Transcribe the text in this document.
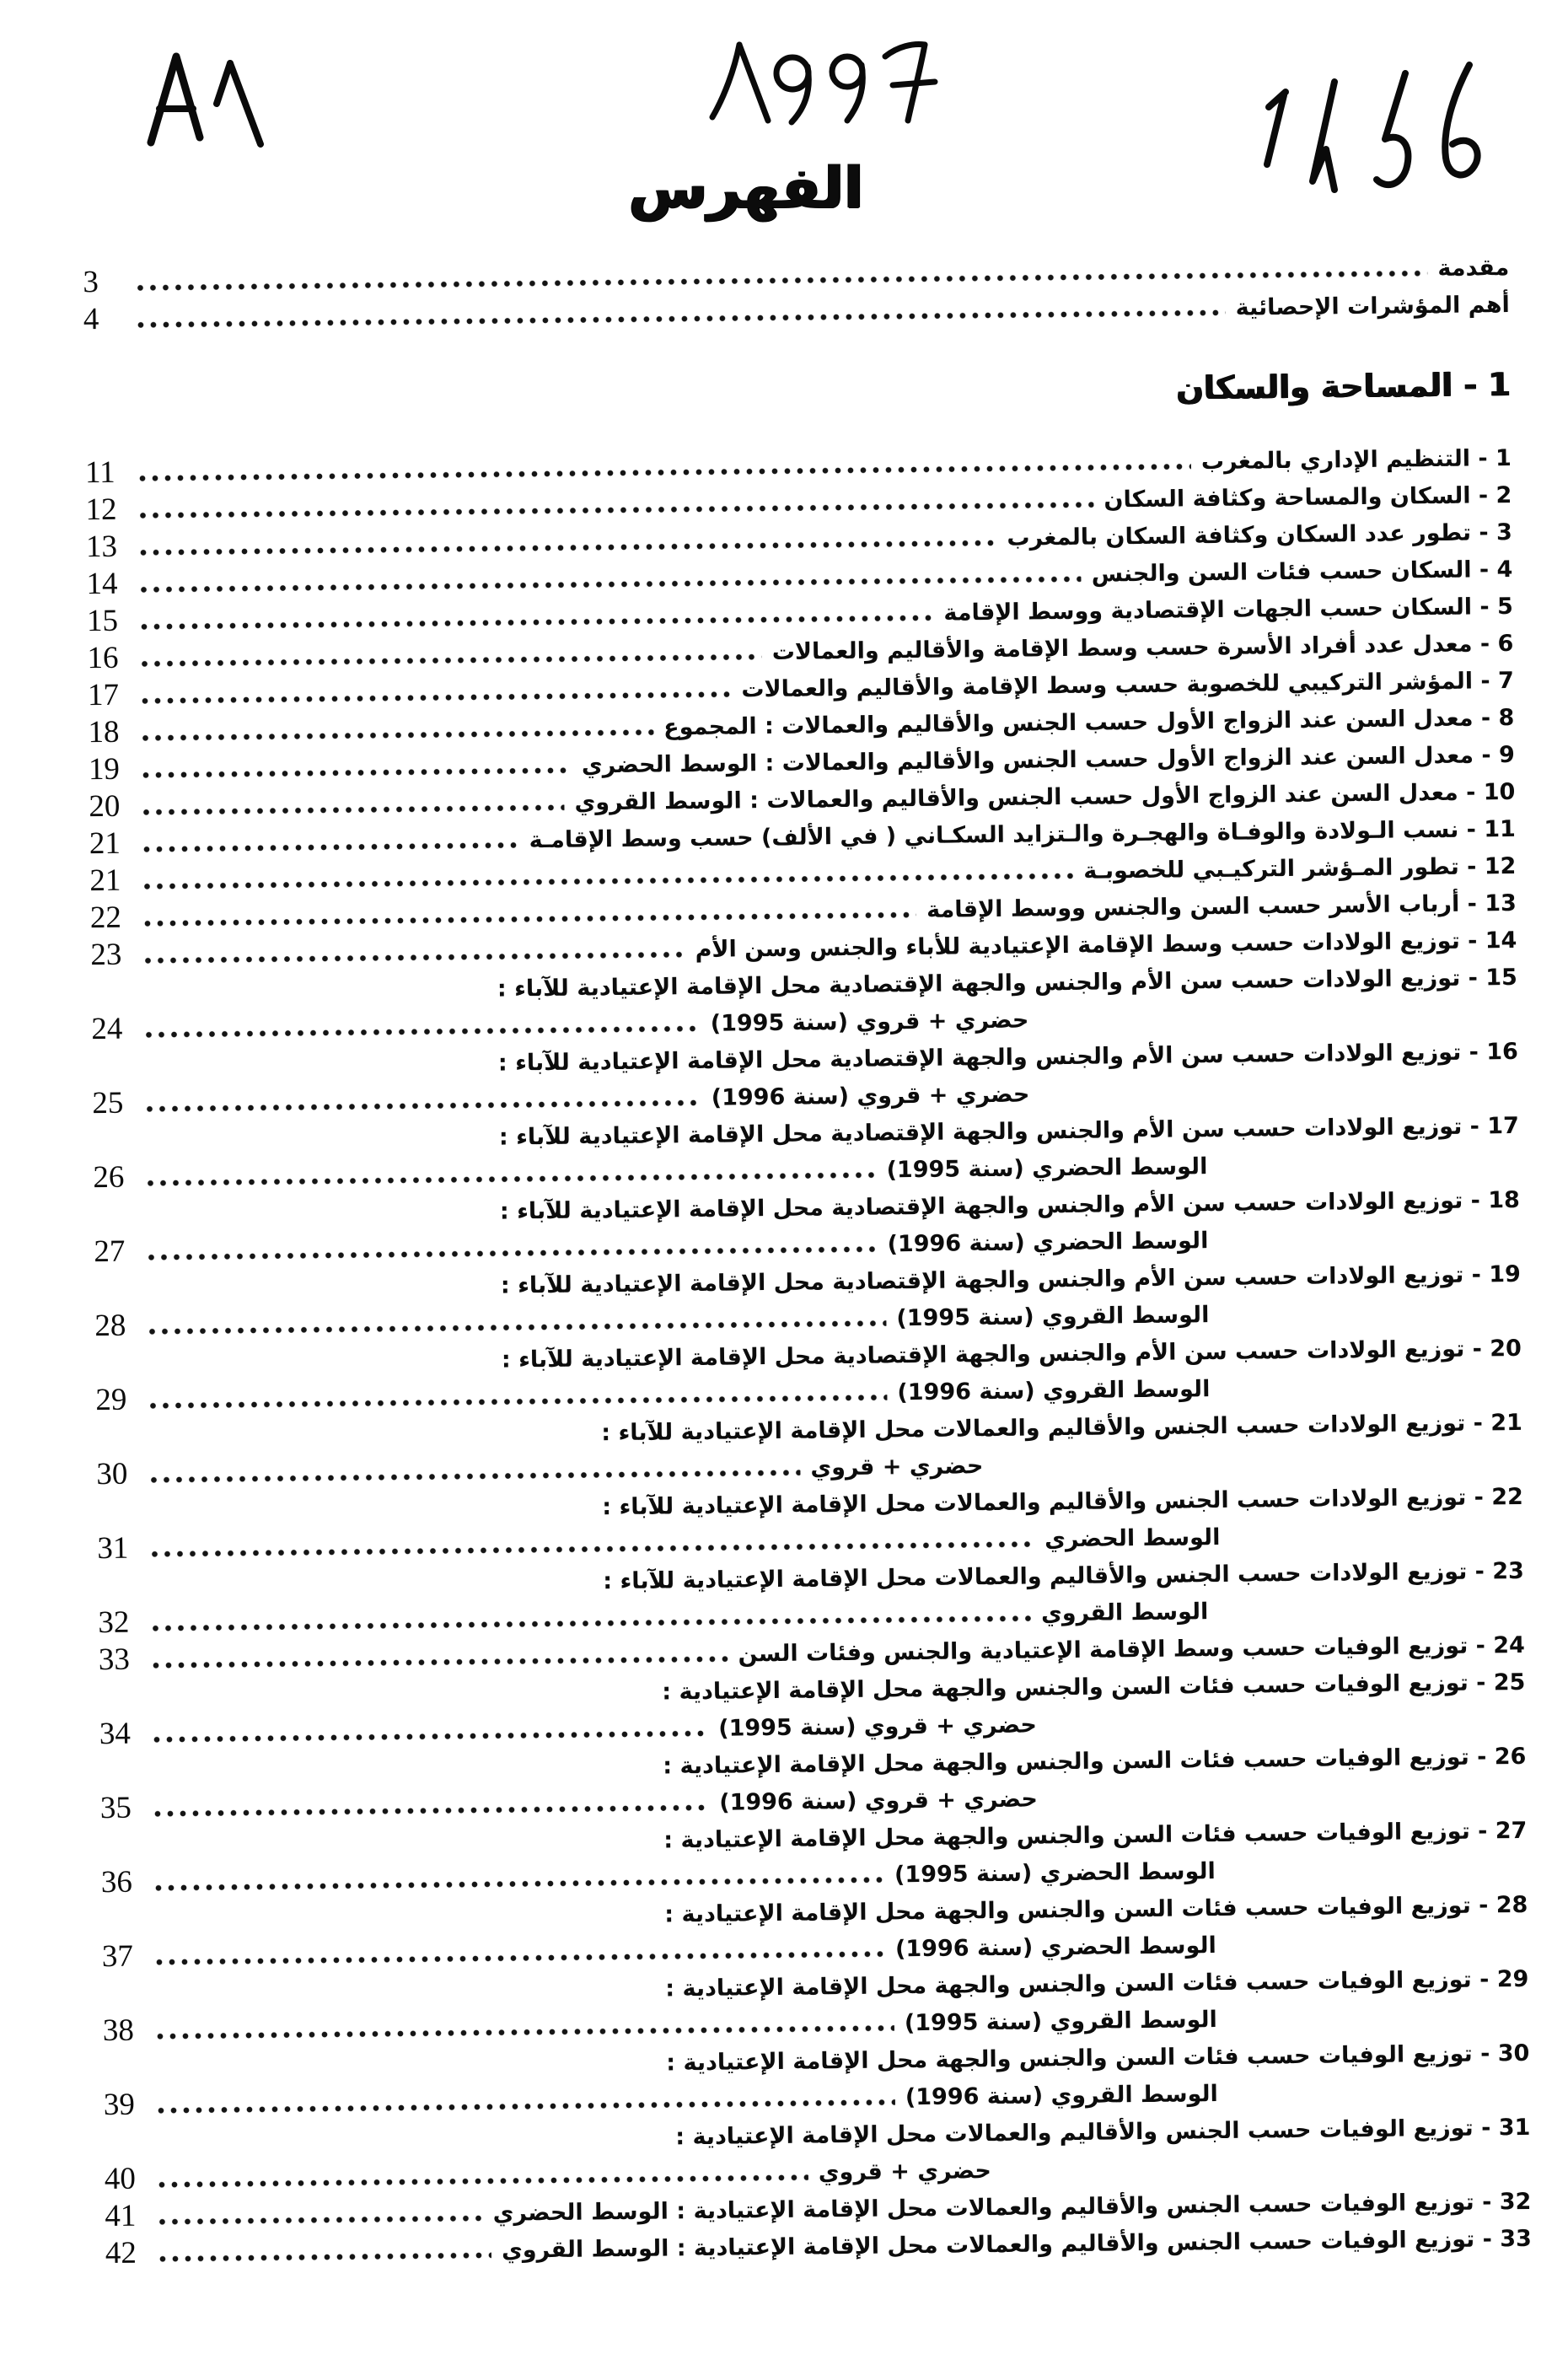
الفهرس
مقدمة
3
أهم المؤشرات الإحصائية
4
1 - المساحة والسكان
1 - التنظيم الإداري بالمغرب
11
2 - السكان والمساحة وكثافة السكان
12
3 - تطور عدد السكان وكثافة السكان بالمغرب
13
4 - السكان حسب فئات السن والجنس
14
5 - السكان حسب الجهات الإقتصادية ووسط الإقامة
15
6 - معدل عدد أفراد الأسرة حسب وسط الإقامة والأقاليم والعمالات
16
7 - المؤشر التركيبي للخصوبة حسب وسط الإقامة والأقاليم والعمالات
17
8 - معدل السن عند الزواج الأول حسب الجنس والأقاليم والعمالات : المجموع
18
9 - معدل السن عند الزواج الأول حسب الجنس والأقاليم والعمالات : الوسط الحضري
19
10 - معدل السن عند الزواج الأول حسب الجنس والأقاليم والعمالات : الوسط القروي
20
11 - نسب الـولادة والوفـاة والهجـرة والـتزايد السكـاني ( في الألف) حسب وسط الإقامـة
21
12 - تطور المـؤشر التركيـبي للخصوبـة
21
13 - أرباب الأسر حسب السن والجنس ووسط الإقامة
22
14 - توزيع الولادات حسب وسط الإقامة الإعتيادية للأباء والجنس وسن الأم
23
15 - توزيع الولادات حسب سن الأم والجنس والجهة الإقتصادية محل الإقامة الإعتيادية للآباء :
حضري + قروي (سنة 1995)
24
16 - توزيع الولادات حسب سن الأم والجنس والجهة الإقتصادية محل الإقامة الإعتيادية للآباء :
حضري + قروي (سنة 1996)
25
17 - توزيع الولادات حسب سن الأم والجنس والجهة الإقتصادية محل الإقامة الإعتيادية للآباء :
الوسط الحضري (سنة 1995)
26
18 - توزيع الولادات حسب سن الأم والجنس والجهة الإقتصادية محل الإقامة الإعتيادية للآباء :
الوسط الحضري (سنة 1996)
27
19 - توزيع الولادات حسب سن الأم والجنس والجهة الإقتصادية محل الإقامة الإعتيادية للآباء :
الوسط القروي (سنة 1995)
28
20 - توزيع الولادات حسب سن الأم والجنس والجهة الإقتصادية محل الإقامة الإعتيادية للآباء :
الوسط القروي (سنة 1996)
29
21 - توزيع الولادات حسب الجنس والأقاليم والعمالات محل الإقامة الإعتيادية للآباء :
حضري + قروي
30
22 - توزيع الولادات حسب الجنس والأقاليم والعمالات محل الإقامة الإعتيادية للآباء :
الوسط الحضري
31
23 - توزيع الولادات حسب الجنس والأقاليم والعمالات محل الإقامة الإعتيادية للآباء :
الوسط القروي
32
24 - توزيع الوفيات حسب وسط الإقامة الإعتيادية والجنس وفئات السن
33
25 - توزيع الوفيات حسب فئات السن والجنس والجهة محل الإقامة الإعتيادية :
حضري + قروي (سنة 1995)
34
26 - توزيع الوفيات حسب فئات السن والجنس والجهة محل الإقامة الإعتيادية :
حضري + قروي (سنة 1996)
35
27 - توزيع الوفيات حسب فئات السن والجنس والجهة محل الإقامة الإعتيادية :
الوسط الحضري (سنة 1995)
36
28 - توزيع الوفيات حسب فئات السن والجنس والجهة محل الإقامة الإعتيادية :
الوسط الحضري (سنة 1996)
37
29 - توزيع الوفيات حسب فئات السن والجنس والجهة محل الإقامة الإعتيادية :
الوسط القروي (سنة 1995)
38
30 - توزيع الوفيات حسب فئات السن والجنس والجهة محل الإقامة الإعتيادية :
الوسط القروي (سنة 1996)
39
31 - توزيع الوفيات حسب الجنس والأقاليم والعمالات محل الإقامة الإعتيادية :
حضري + قروي
40
32 - توزيع الوفيات حسب الجنس والأقاليم والعمالات محل الإقامة الإعتيادية : الوسط الحضري
41
33 - توزيع الوفيات حسب الجنس والأقاليم والعمالات محل الإقامة الإعتيادية : الوسط القروي
42
